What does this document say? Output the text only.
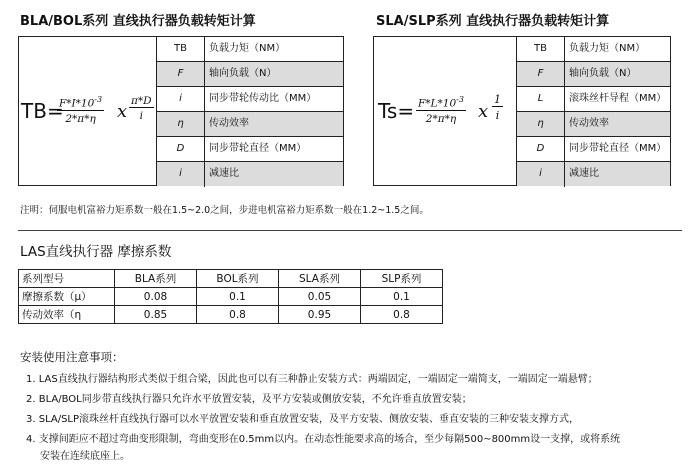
BLA/BOL系列 直线执行器负载转矩计算
TB=
$\frac{F*I*10^{-3}}{2*\pi*\eta}$ x $\frac{\pi*D}{i}$
TB	负载力矩（NM）
F	轴向负载（N）
i	同步带轮传动比（MM）
η	传动效率
D	同步带轮直径（MM）
i	减速比
SLA/SLP系列 直线执行器负载转矩计算
$Ts= \frac{F*L*10^{-3}}{2*\pi*\eta}$ x $\frac{1}{i}$
TB	负载力矩（NM）
F	轴向负载（N）
L	滚珠丝杆导程（MM）
η	传动效率
D	同步带轮直径（MM）
i	减速比
注明：伺服电机富裕力矩系数一般在1.5~2.0之间，步进电机富裕力矩系数一般在1.2~1.5之间。
LAS直线执行器 摩擦系数
系列型号	BLA系列	BOL系列	SLA系列	SLP系列
摩擦系数（μ）	0.08	0.1	0.05	0.1
传动效率（η	0.85	0.8	0.95	0.8
安装使用注意事项：
1. LAS直线执行器结构形式类似于组合梁，因此也可以有三种静止安装方式：两端固定，一端固定一端简支，一端固定一端悬臂；
2. BLA/BOL同步带直线执行器只允许水平放置安装，及平方安装或侧放安装，不允许垂直放置安装；
3. SLA/SLP滚珠丝杆直线执行器可以水平放置安装和垂直放置安装，及平方安装、侧放安装、垂直安装的三种安装支撑方式，
4. 支撑间距应不超过弯曲变形限制，弯曲变形在0.5mm以内。在动态性能要求高的场合，至少每隔500~800mm设一支撑，或将系统
安装在连续底座上。
